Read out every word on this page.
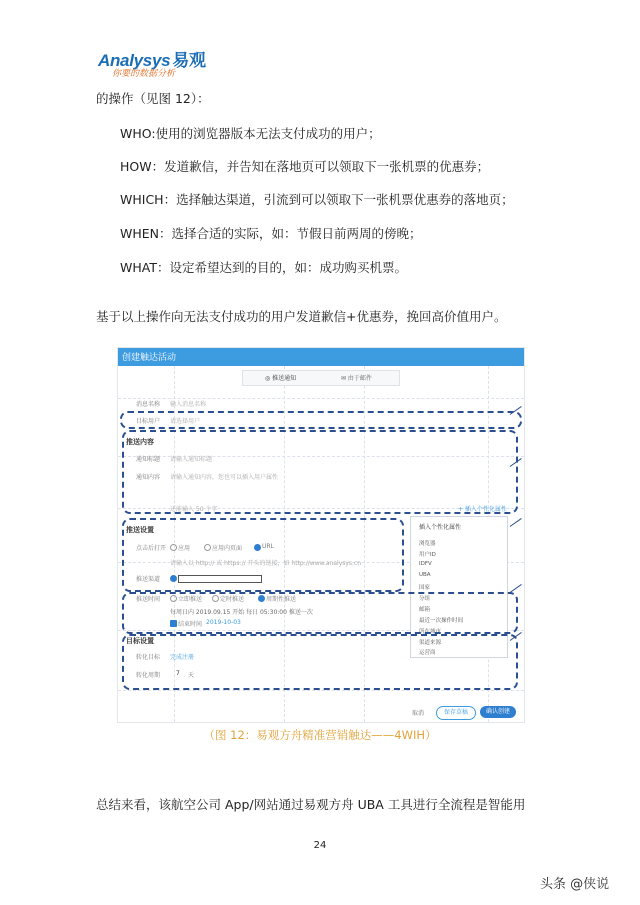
Analysys 易观
你要的数据分析
的操作（见图 12）：
WHO:使用的浏览器版本无法支付成功的用户；
HOW：发道歉信，并告知在落地页可以领取下一张机票的优惠券；
WHICH：选择触达渠道，引流到可以领取下一张机票优惠券的落地页；
WHEN：选择合适的实际，如：节假日前两周的傍晚；
WHAT：设定希望达到的目的，如：成功购买机票。
基于以上操作向无法支付成功的用户发道歉信+优惠券，挽回高价值用户。
创建触达活动
◎ 推送通知	✉ 由于邮件
消息名称 输入消息名称
目标用户 请选择用户
推送内容
通知标题 请输入通知标题
通知内容 请输入通知内容，您也可以插入用户属性
还能输入 50 个字	+ 插入个性化属性
推送设置
点击后打开 应用	应用内页面	URL
请输入以 http:// 或 https:// 开头的链接，如 http://www.analysys.cn
推送渠道
推送时间	立即推送	定时推送	周期性推送
每周日内 2019.09.15 开始 每日 05:30:00 推送一次
结束时间 2019-10-03
目标设置
转化目标 完成注册
转化周期	7 天
插入个性化属性
浏览器
用户ID
IDFV
UBA
国家
分组
邮箱
最近一次操作时间
所在城市
渠道来源
运营商
取消	保存草稿	确认创建
（图 12：易观方舟精准营销触达——4WIH）
总结来看，该航空公司 App/网站通过易观方舟 UBA 工具进行全流程是智能用
24
头条 @侠说
